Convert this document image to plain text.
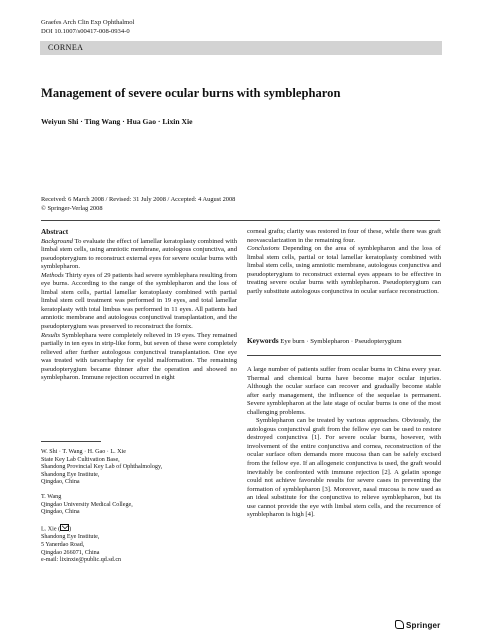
Graefes Arch Clin Exp Ophthalmol
DOI 10.1007/s00417-008-0934-0
CORNEA
Management of severe ocular burns with symblepharon
Weiyun Shi · Ting Wang · Hua Gao · Lixin Xie
Received: 6 March 2008 / Revised: 31 July 2008 / Accepted: 4 August 2008
© Springer-Verlag 2008

Abstract

Background To evaluate the effect of lamellar keratoplasty combined with limbal stem cells, using amniotic membrane, autologous conjunctiva, and pseudopterygium to reconstruct external eyes for severe ocular burns with symblepharon.

Methods Thirty eyes of 29 patients had severe symblephara resulting from eye burns. According to the range of the symblepharon and the loss of limbal stem cells, partial lamellar keratoplasty combined with partial limbal stem cell treatment was performed in 19 eyes, and total lamellar keratoplasty with total limbus was performed in 11 eyes. All patients had amniotic membrane and autologous conjunctival transplantation, and the pseudopterygium was preserved to reconstruct the fornix.

Results Symblephara were completely relieved in 19 eyes. They remained partially in ten eyes in strip-like form, but seven of these were completely relieved after further autologous conjunctival transplantation. One eye was treated with tarsorrhaphy for eyelid malformation. The remaining pseudopterygium became thinner after the operation and showed no symblepharon. Immune rejection occurred in eight

corneal grafts; clarity was restored in four of these, while there was graft neovascularization in the remaining four.

Conclusions Depending on the area of symblepharon and the loss of limbal stem cells, partial or total lamellar keratoplasty combined with limbal stem cells, using amniotic membrane, autologous conjunctiva and pseudopterygium to reconstruct external eyes appears to be effective in treating severe ocular burns with symblepharon. Pseudopterygium can partly substitute autologous conjunctiva in ocular surface reconstruction.

Keywords Eye burn · Symblepharon · Pseudopterygium

A large number of patients suffer from ocular burns in China every year. Thermal and chemical burns have become major ocular injuries. Although the ocular surface can recover and gradually become stable after early management, the influence of the sequelae is permanent. Severe symblepharon at the late stage of ocular burns is one of the most challenging problems.

Symblepharon can be treated by various approaches. Obviously, the autologous conjunctival graft from the fellow eye can be used to restore destroyed conjunctiva [1]. For severe ocular burns, however, with involvement of the entire conjunctiva and cornea, reconstruction of the ocular surface often demands more mucosa than can be safely excised from the fellow eye. If an allogeneic conjunctiva is used, the graft would inevitably be confronted with immune rejection [2]. A gelatin sponge could not achieve favorable results for severe cases in preventing the formation of symblepharon [3]. Moreover, nasal mucosa is now used as an ideal substitute for the conjunctiva to relieve symblepharon, but its use cannot provide the eye with limbal stem cells, and the recurrence of symblepharon is high [4].

W. Shi · T. Wang · H. Gao · L. Xie
State Key Lab Cultivation Base,
Shandong Provincial Key Lab of Ophthalmology,
Shandong Eye Institute,
Qingdao, China
T. Wang
Qingdao University Medical College,
Qingdao, China
L. Xie ( )
Shandong Eye Institute,
5 Yanerdao Road,
Qingdao 266071, China
e-mail: lixinxie@public.qd.sd.cn
Springer
